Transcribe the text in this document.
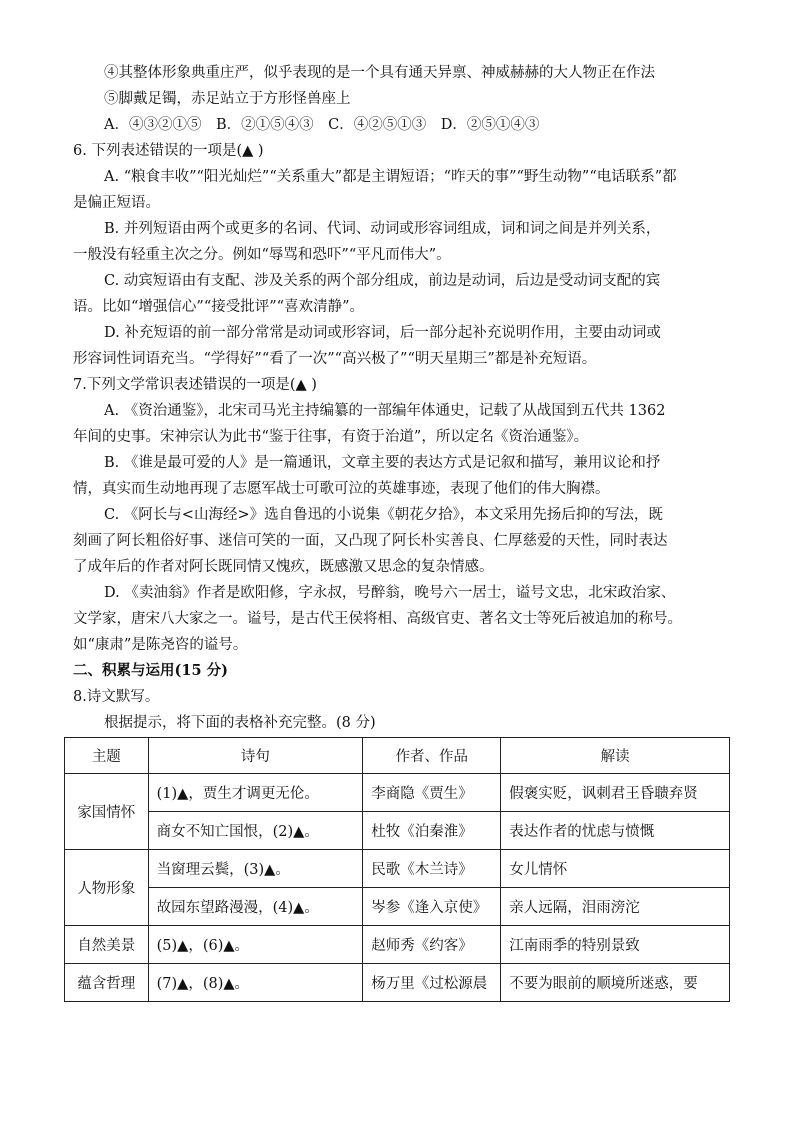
④其整体形象典重庄严，似乎表现的是一个具有通天异禀、神威赫赫的大人物正在作法
⑤脚戴足镯，赤足站立于方形怪兽座上
A．④③②①⑤　B．②①⑤④③　C．④②⑤①③　D．②⑤①④③
6. 下列表述错误的一项是(▲ )
A. “粮食丰收”“阳光灿烂”“关系重大”都是主谓短语；“昨天的事”“野生动物”“电话联系”都
是偏正短语。
B. 并列短语由两个或更多的名词、代词、动词或形容词组成，词和词之间是并列关系，
一般没有轻重主次之分。例如“辱骂和恐吓”“平凡而伟大”。
C. 动宾短语由有支配、涉及关系的两个部分组成，前边是动词，后边是受动词支配的宾
语。比如“增强信心”“接受批评”“喜欢清静”。
D. 补充短语的前一部分常常是动词或形容词，后一部分起补充说明作用，主要由动词或
形容词性词语充当。“学得好”“看了一次”“高兴极了”“明天星期三”都是补充短语。
7.下列文学常识表述错误的一项是(▲ )
A. 《资治通鉴》，北宋司马光主持编纂的一部编年体通史，记载了从战国到五代共 1362
年间的史事。宋神宗认为此书“鉴于往事，有资于治道”，所以定名《资治通鉴》。
B. 《谁是最可爱的人》是一篇通讯，文章主要的表达方式是记叙和描写，兼用议论和抒
情，真实而生动地再现了志愿军战士可歌可泣的英雄事迹，表现了他们的伟大胸襟。
C. 《阿长与<山海经>》选自鲁迅的小说集《朝花夕拾》，本文采用先扬后抑的写法，既
刻画了阿长粗俗好事、迷信可笑的一面，又凸现了阿长朴实善良、仁厚慈爱的天性，同时表达
了成年后的作者对阿长既同情又愧疚，既感激又思念的复杂情感。
D. 《卖油翁》作者是欧阳修，字永叔，号醉翁，晚号六一居士，谥号文忠，北宋政治家、
文学家，唐宋八大家之一。谥号，是古代王侯将相、高级官吏、著名文士等死后被追加的称号。
如“康肃”是陈尧咨的谥号。
二、积累与运用(15 分)
8.诗文默写。
根据提示，将下面的表格补充完整。(8 分)
主题	诗句	作者、作品	解读
家国情怀	(1)▲，贾生才调更无伦。	李商隐《贾生》	假褒实贬，讽刺君王昏聩弃贤
	商女不知亡国恨，(2)▲。	杜牧《泊秦淮》	表达作者的忧虑与愤慨
人物形象	当窗理云鬓，(3)▲。	民歌《木兰诗》	女儿情怀
	故园东望路漫漫，(4)▲。	岑参《逢入京使》	亲人远隔，泪雨滂沱
自然美景	(5)▲，(6)▲。	赵师秀《约客》	江南雨季的特别景致
蕴含哲理	(7)▲，(8)▲。	杨万里《过松源晨	不要为眼前的顺境所迷惑，要
